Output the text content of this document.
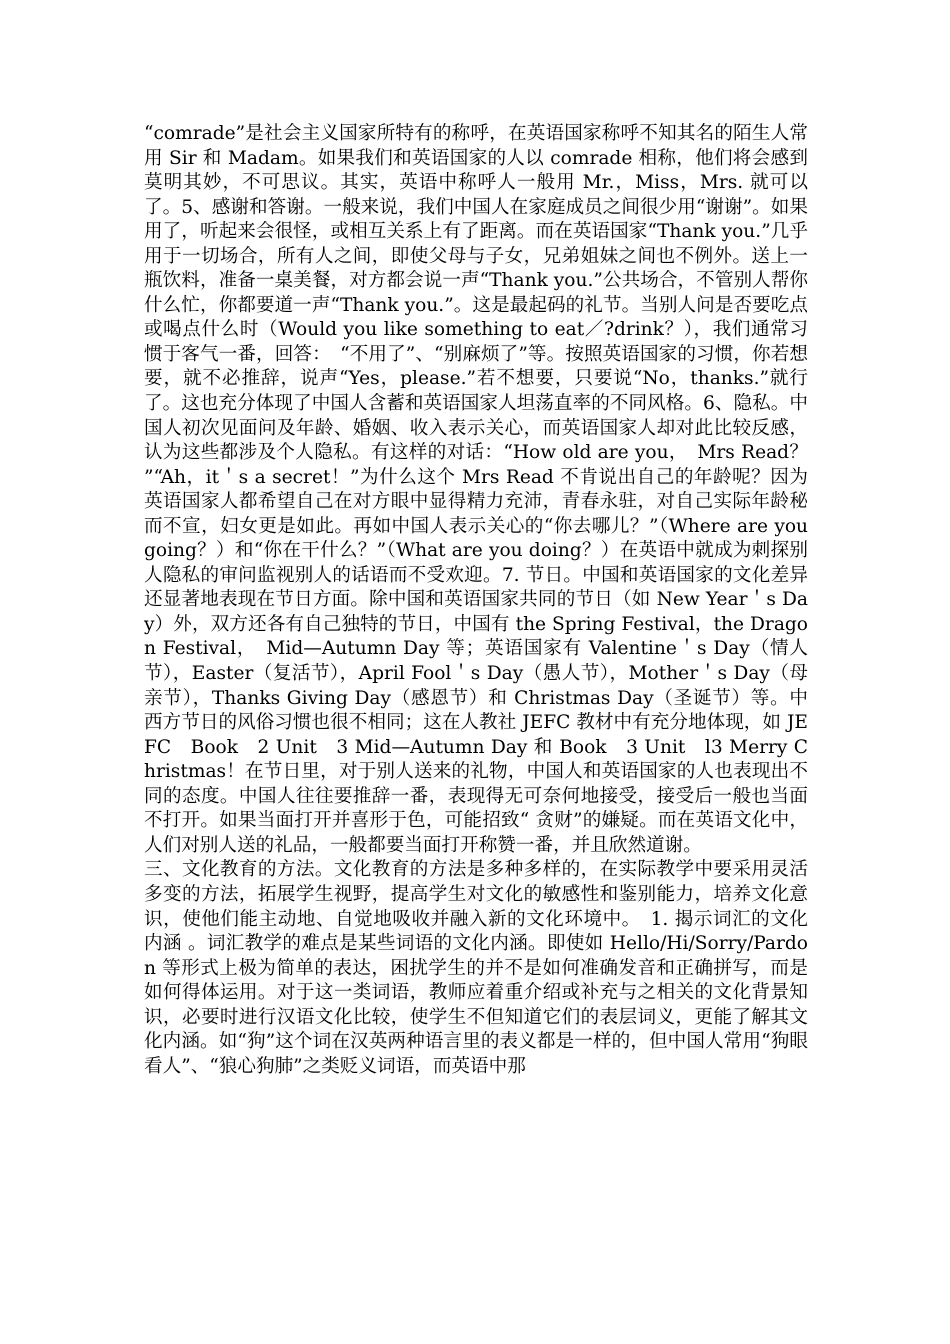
“comrade”是社会主义国家所特有的称呼，在英语国家称呼不知其名的陌生人常用 Sir 和 Madam。如果我们和英语国家的人以 comrade 相称，他们将会感到莫明其妙，不可思议。其实，英语中称呼人一般用 Mr.，Miss，Mrs. 就可以了。5、感谢和答谢。一般来说，我们中国人在家庭成员之间很少用“谢谢”。如果用了，听起来会很怪，或相互关系上有了距离。而在英语国家“Thank you.”几乎用于一切场合，所有人之间，即使父母与子女，兄弟姐妹之间也不例外。送上一瓶饮料，准备一桌美餐，对方都会说一声“Thank you.”公共场合，不管别人帮你什么忙，你都要道一声“Thank you.”。这是最起码的礼节。当别人问是否要吃点或喝点什么时（Would you like something to eat／?drink？），我们通常习惯于客气一番，回答：　“不用了”、“别麻烦了”等。按照英语国家的习惯，你若想要，就不必推辞，说声“Yes，please.”若不想要，只要说“No，thanks.”就行了。这也充分体现了中国人含蓄和英语国家人坦荡直率的不同风格。6、隐私。中国人初次见面问及年龄、婚姻、收入表示关心，而英语国家人却对此比较反感，认为这些都涉及个人隐私。有这样的对话：“How old are you，　Mrs Read？　”“Ah，it＇s a secret！”为什么这个 Mrs Read 不肯说出自己的年龄呢？因为英语国家人都希望自己在对方眼中显得精力充沛，青春永驻，对自己实际年龄秘而不宣，妇女更是如此。再如中国人表示关心的“你去哪儿？”（Where are you going？）和“你在干什么？”（What are you doing？）在英语中就成为刺探别人隐私的审问监视别人的话语而不受欢迎。7. 节日。中国和英语国家的文化差异还显著地表现在节日方面。除中国和英语国家共同的节日（如 New Year＇s Day）外，双方还各有自己独特的节日，中国有 the Spring Festival，the Dragon Festival，　Mid—Autumn Day 等；英语国家有 Valentine＇s Day（情人节），Easter（复活节），April Fool＇s Day（愚人节），Mother＇s Day（母亲节），Thanks Giving Day（感恩节）和 Christmas Day（圣诞节）等。中西方节日的风俗习惯也很不相同；这在人教社 JEFC 教材中有充分地体现，如 JEFC　Book　2 Unit　3 Mid—Autumn Day 和 Book　3 Unit　l3 Merry Christmas！在节日里，对于别人送来的礼物，中国人和英语国家的人也表现出不同的态度。中国人往往要推辞一番，表现得无可奈何地接受，接受后一般也当面不打开。如果当面打开并喜形于色，可能招致“ 贪财”的嫌疑。而在英语文化中，人们对别人送的礼品，一般都要当面打开称赞一番，并且欣然道谢。

三、文化教育的方法。文化教育的方法是多种多样的，在实际教学中要采用灵活多变的方法，拓展学生视野，提高学生对文化的敏感性和鉴别能力，培养文化意识，使他们能主动地、自觉地吸收并融入新的文化环境中。　1. 揭示词汇的文化内涵 。词汇教学的难点是某些词语的文化内涵。即使如 Hello/Hi/Sorry/Pardon 等形式上极为简单的表达，困扰学生的并不是如何准确发音和正确拼写，而是如何得体运用。对于这一类词语，教师应着重介绍或补充与之相关的文化背景知识，必要时进行汉语文化比较，使学生不但知道它们的表层词义，更能了解其文化内涵。如“狗”这个词在汉英两种语言里的表义都是一样的，但中国人常用“狗眼看人”、“狼心狗肺”之类贬义词语，而英语中那
